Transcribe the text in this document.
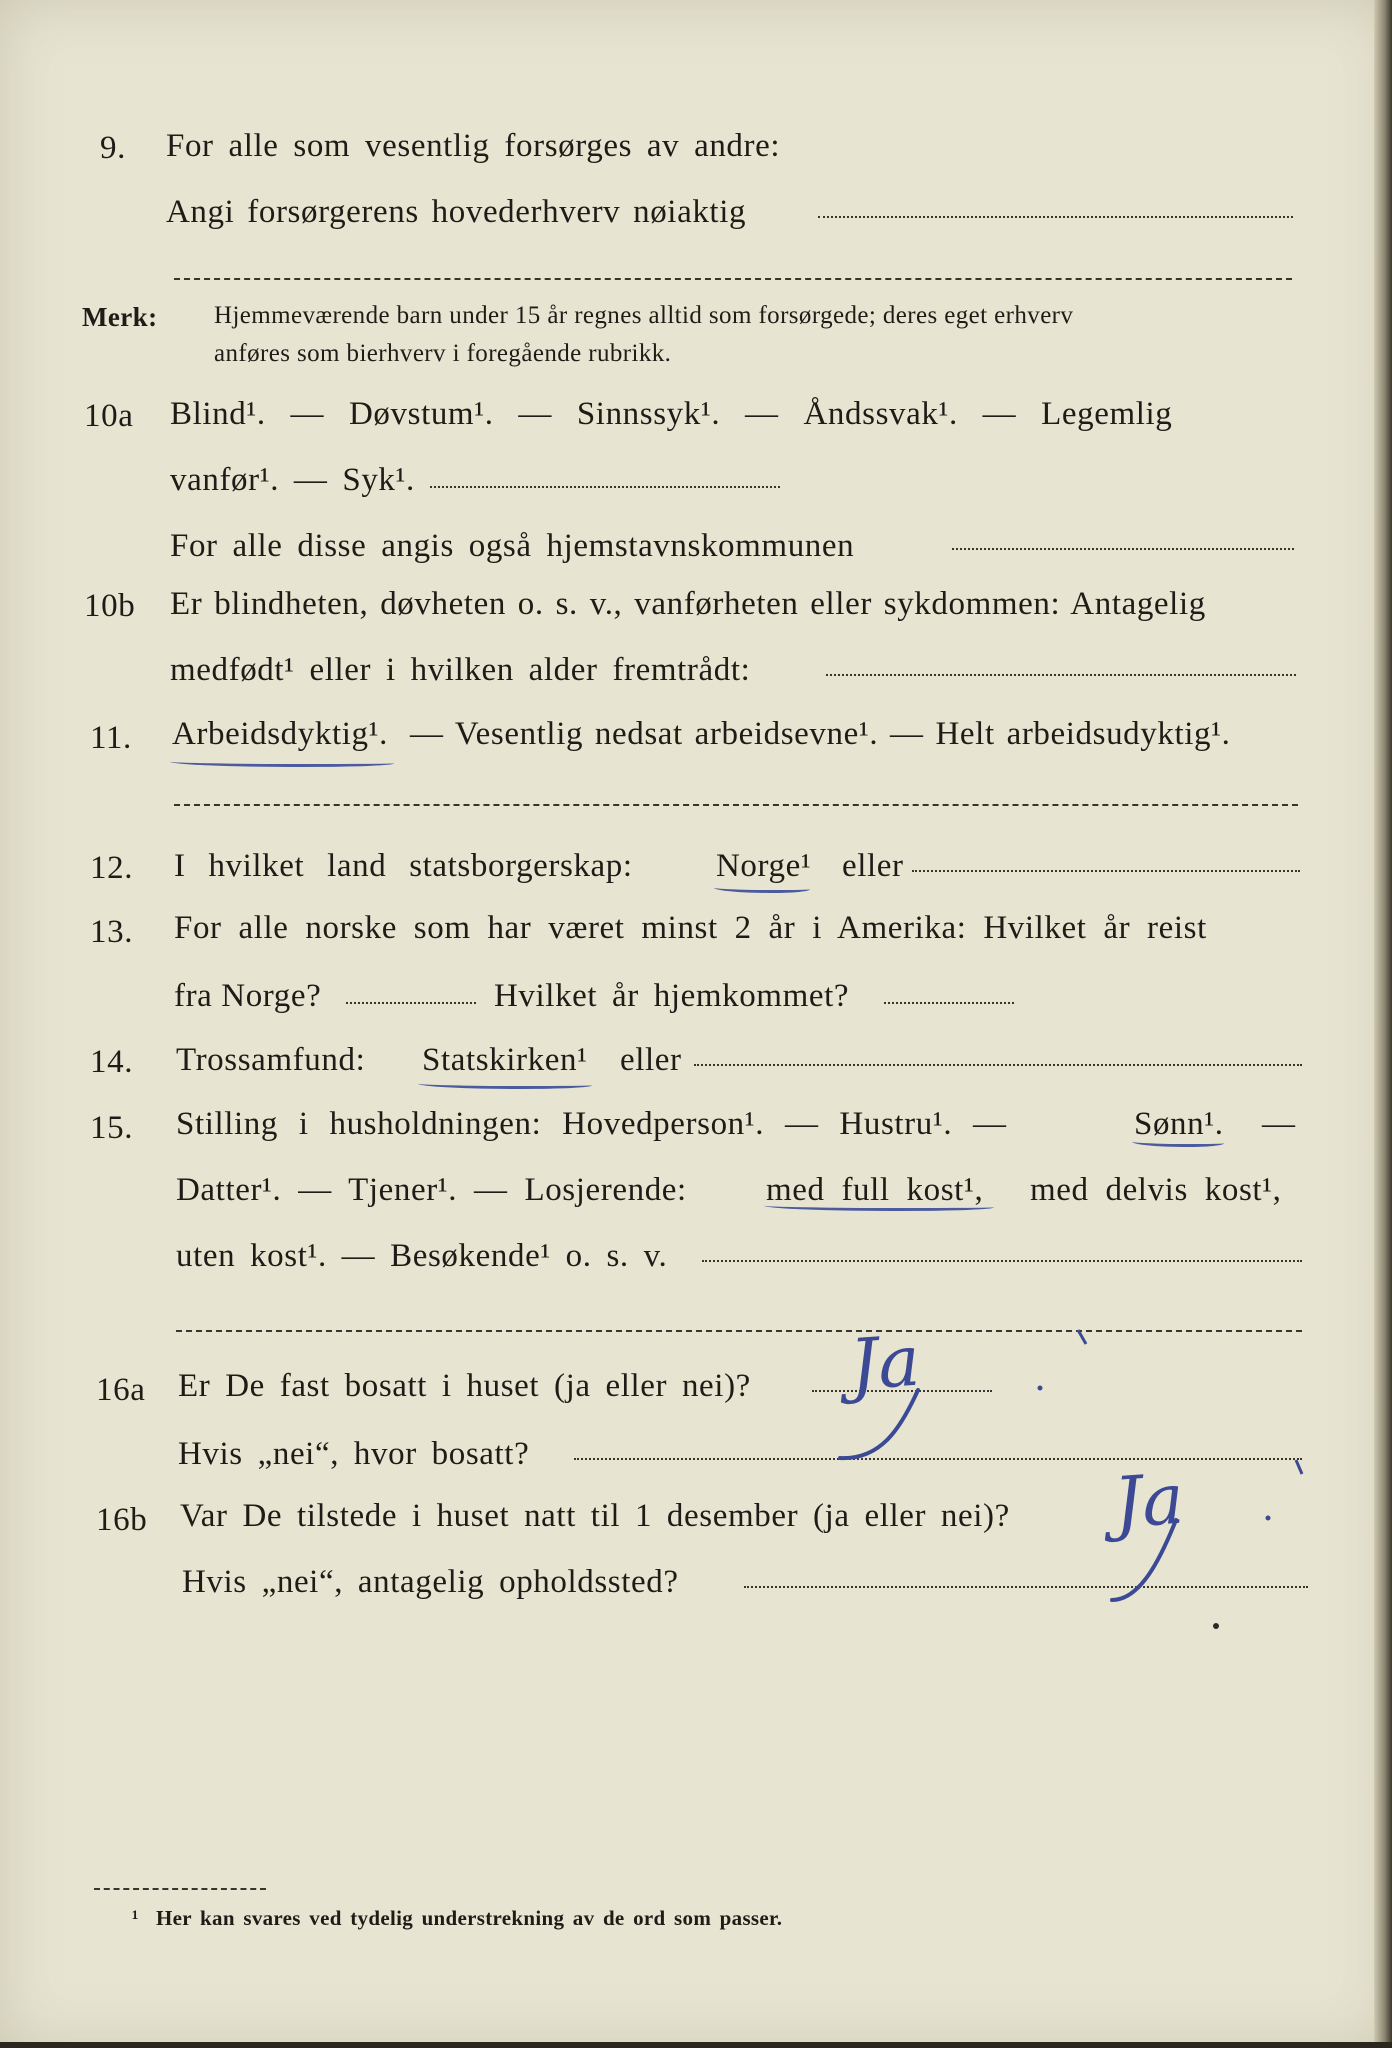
9. For alle som vesentlig forsørges av andre:
Angi forsørgerens hovederhverv nøiaktig
Merk: Hjemmeværende barn under 15 år regnes alltid som forsørgede; deres eget erhverv
anføres som bierhverv i foregående rubrikk.
10a Blind¹. — Døvstum¹. — Sinnssyk¹. — Åndssvak¹. — Legemlig
vanfør¹. — Syk¹.
For alle disse angis også hjemstavnskommunen
10b Er blindheten, døvheten o. s. v., vanførheten eller sykdommen: Antagelig
medfødt¹ eller i hvilken alder fremtrådt:
11. Arbeidsdyktig¹. — Vesentlig nedsat arbeidsevne¹. — Helt arbeidsudyktig¹.
12. I hvilket land statsborgerskap:	Norge¹ eller
13. For alle norske som har været minst 2 år i Amerika: Hvilket år reist
fra Norge?	Hvilket år hjemkommet?
14. Trossamfund: Statskirken¹ eller
15. Stilling i husholdningen: Hovedperson¹. — Hustru¹. —	Sønn¹. —
Datter¹. — Tjener¹. — Losjerende: med full kost¹, med delvis kost¹,
uten kost¹. — Besøkende¹ o. s. v.
16a Er De fast bosatt i huset (ja eller nei)? Ja
Hvis „nei“, hvor bosatt?
16b Var De tilstede i huset natt til 1 desember (ja eller nei)? Ja
Hvis „nei“, antagelig opholdssted?
¹ Her kan svares ved tydelig understrekning av de ord som passer.
